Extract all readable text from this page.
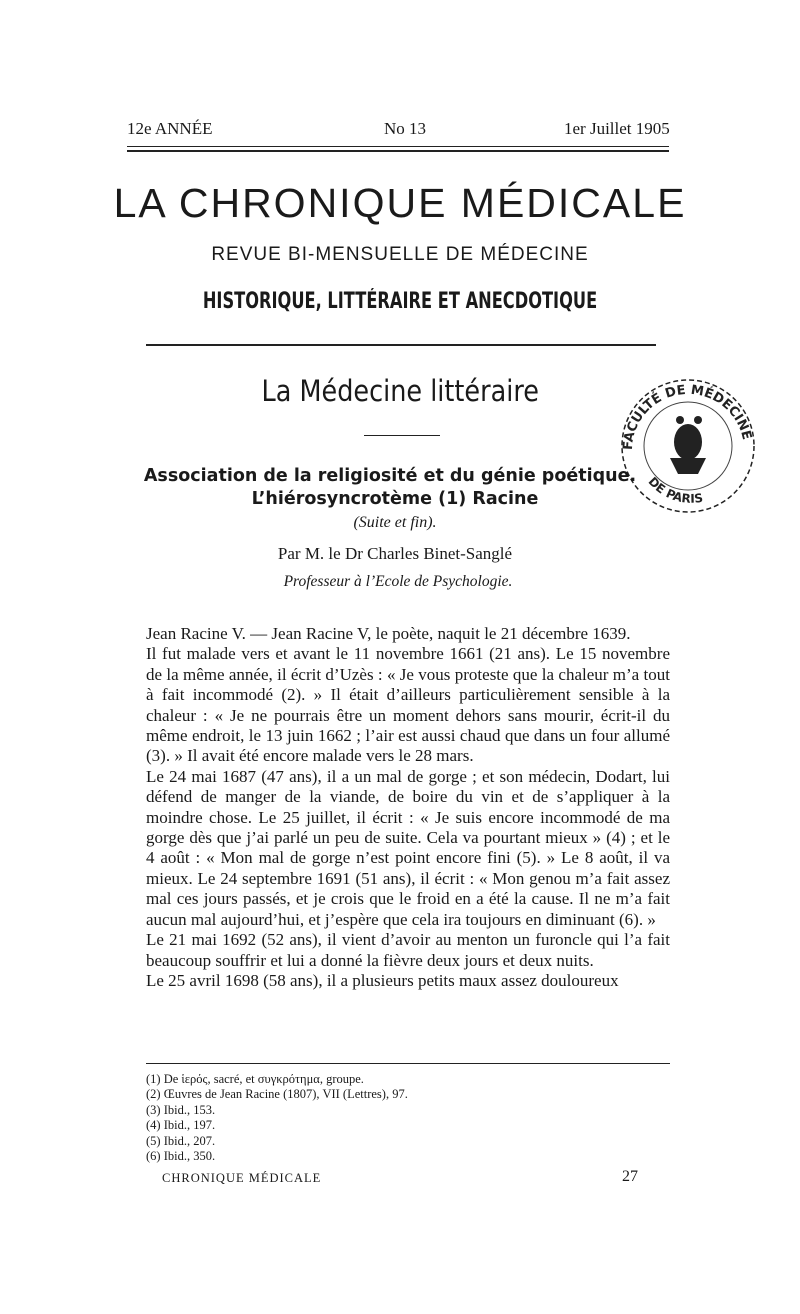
12e ANNÉE	No 13	1er Juillet 1905
LA CHRONIQUE MÉDICALE
REVUE BI-MENSUELLE DE MÉDECINE
HISTORIQUE, LITTÉRAIRE ET ANECDOTIQUE
La Médecine littéraire
FACULTÉ DE MÉDECINE
DE PARIS
Association de la religiosité et du génie poétique.
L’hiérosyncrotème (1) Racine
(Suite et fin).
Par M. le Dr Charles Binet-Sanglé
Professeur à l’Ecole de Psychologie.

Jean Racine V. — Jean Racine V, le poète, naquit le 21 décembre 1639.

Il fut malade vers et avant le 11 novembre 1661 (21 ans). Le 15 novembre de la même année, il écrit d’Uzès : « Je vous proteste que la chaleur m’a tout à fait incommodé (2). » Il était d’ailleurs particulièrement sensible à la chaleur : « Je ne pourrais être un moment dehors sans mourir, écrit-il du même endroit, le 13 juin 1662 ; l’air est aussi chaud que dans un four allumé (3). » Il avait été encore malade vers le 28 mars.

Le 24 mai 1687 (47 ans), il a un mal de gorge ; et son médecin, Dodart, lui défend de manger de la viande, de boire du vin et de s’appliquer à la moindre chose. Le 25 juillet, il écrit : « Je suis encore incommodé de ma gorge dès que j’ai parlé un peu de suite. Cela va pourtant mieux » (4) ; et le 4 août : « Mon mal de gorge n’est point encore fini (5). » Le 8 août, il va mieux. Le 24 septembre 1691 (51 ans), il écrit : « Mon genou m’a fait assez mal ces jours passés, et je crois que le froid en a été la cause. Il ne m’a fait aucun mal aujourd’hui, et j’espère que cela ira toujours en diminuant (6). »

Le 21 mai 1692 (52 ans), il vient d’avoir au menton un furoncle qui l’a fait beaucoup souffrir et lui a donné la fièvre deux jours et deux nuits.

Le 25 avril 1698 (58 ans), il a plusieurs petits maux assez douloureux

(1) De ἱερός, sacré, et συγκρότημα, groupe.
(2) Œuvres de Jean Racine (1807), VII (Lettres), 97.
(3) Ibid., 153.
(4) Ibid., 197.
(5) Ibid., 207.
(6) Ibid., 350.
CHRONIQUE MÉDICALE	27
